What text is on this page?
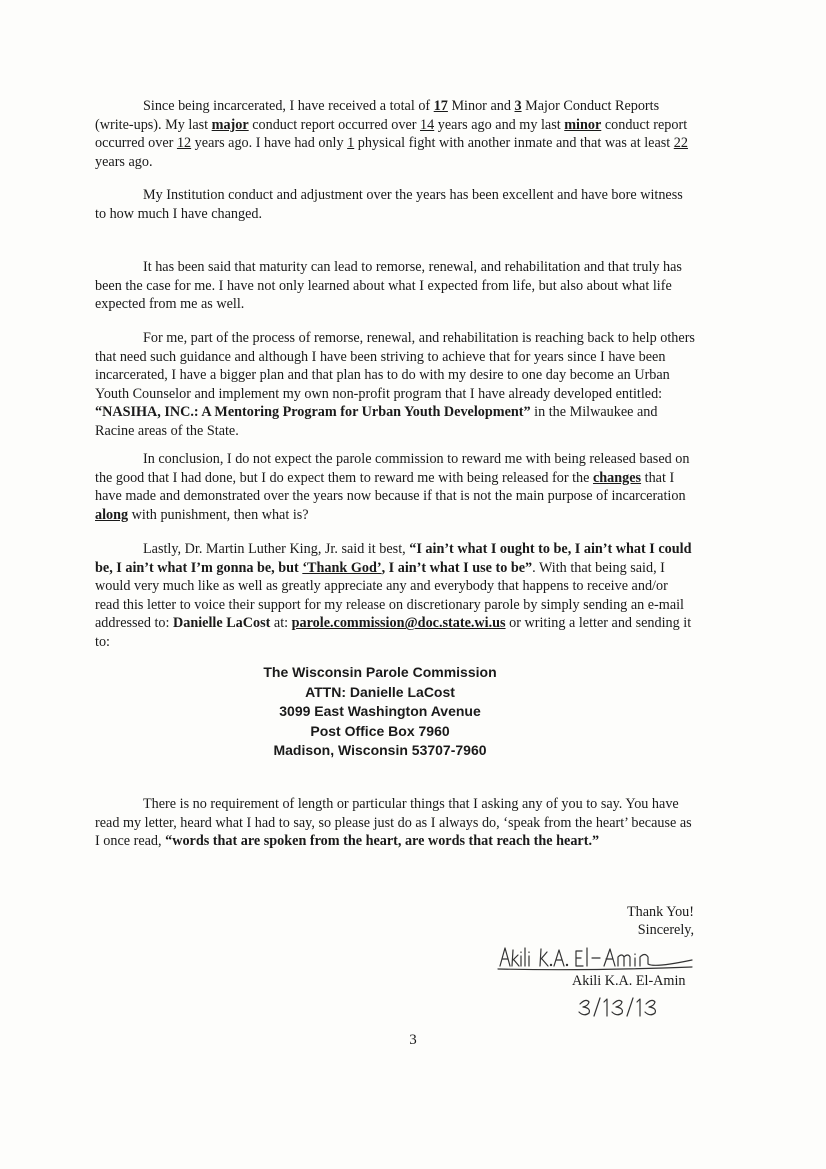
Since being incarcerated, I have received a total of 17 Minor and 3 Major Conduct Reports (write-ups). My last major conduct report occurred over 14 years ago and my last minor conduct report occurred over 12 years ago. I have had only 1 physical fight with another inmate and that was at least 22 years ago.

My Institution conduct and adjustment over the years has been excellent and have bore witness to how much I have changed.

It has been said that maturity can lead to remorse, renewal, and rehabilitation and that truly has been the case for me. I have not only learned about what I expected from life, but also about what life expected from me as well.

For me, part of the process of remorse, renewal, and rehabilitation is reaching back to help others that need such guidance and although I have been striving to achieve that for years since I have been incarcerated, I have a bigger plan and that plan has to do with my desire to one day become an Urban Youth Counselor and implement my own non-profit program that I have already developed entitled: “NASIHA, INC.: A Mentoring Program for Urban Youth Development” in the Milwaukee and Racine areas of the State.

In conclusion, I do not expect the parole commission to reward me with being released based on the good that I had done, but I do expect them to reward me with being released for the changes that I have made and demonstrated over the years now because if that is not the main purpose of incarceration along with punishment, then what is?

Lastly, Dr. Martin Luther King, Jr. said it best, “I ain’t what I ought to be, I ain’t what I could be, I ain’t what I’m gonna be, but ‘Thank God’, I ain’t what I use to be”. With that being said, I would very much like as well as greatly appreciate any and everybody that happens to receive and/or read this letter to voice their support for my release on discretionary parole by simply sending an e-mail addressed to: Danielle LaCost at: parole.commission@doc.state.wi.us or writing a letter and sending it to:

The Wisconsin Parole Commission
ATTN: Danielle LaCost
3099 East Washington Avenue
Post Office Box 7960
Madison, Wisconsin 53707-7960

There is no requirement of length or particular things that I asking any of you to say. You have read my letter, heard what I had to say, so please just do as I always do, ‘speak from the heart’ because as I once read, “words that are spoken from the heart, are words that reach the heart.”

Thank You!
Sincerely,
Akili K.A. El-Amin
3
